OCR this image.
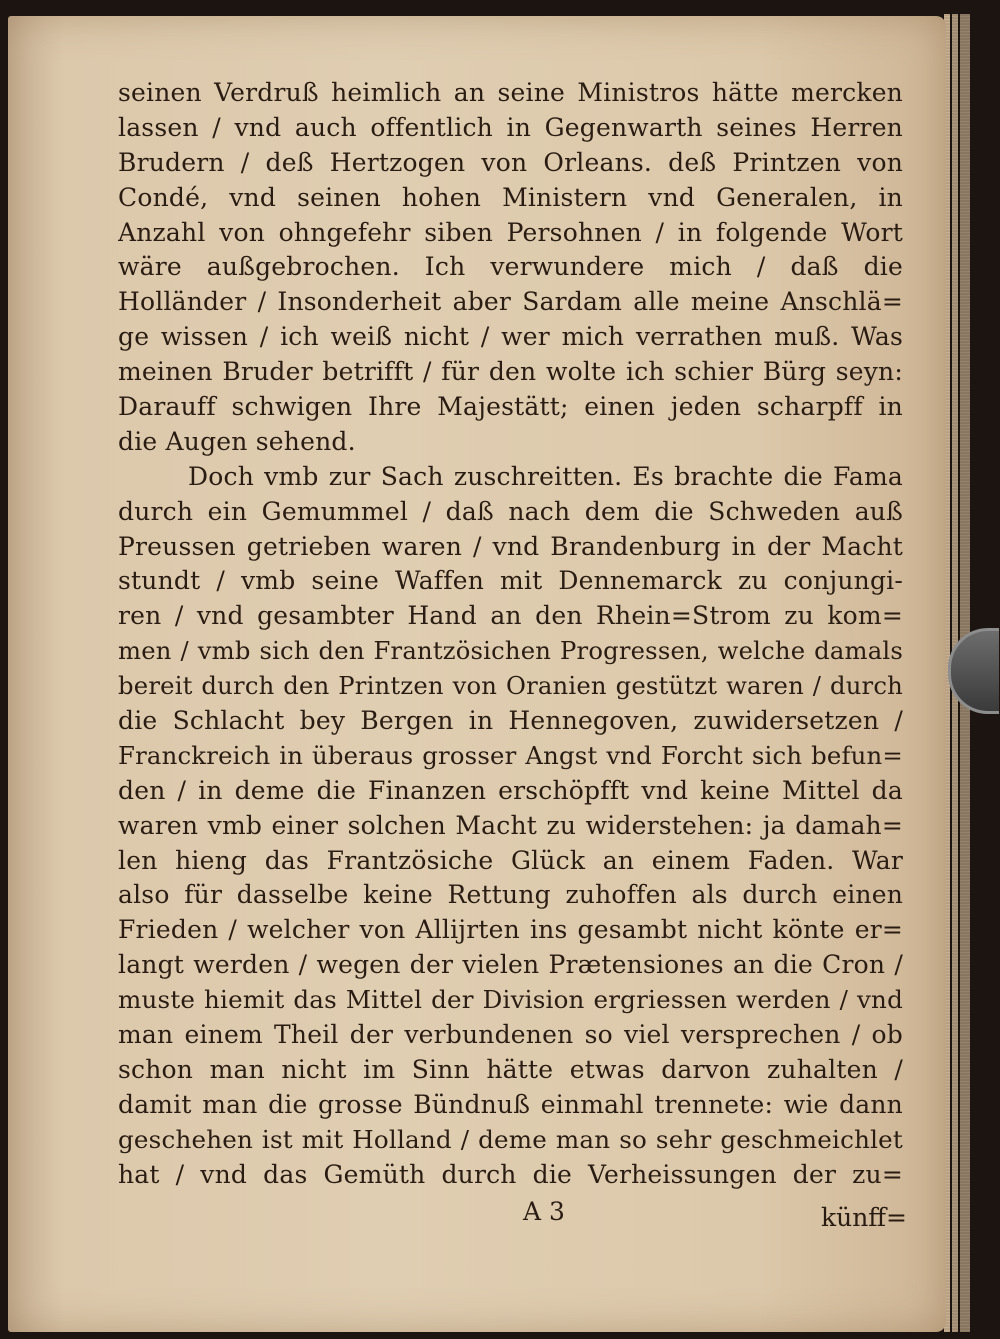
seinen Verdruß heimlich an seine Ministros hätte mercken
lassen / vnd auch offentlich in Gegenwarth seines Herren
Brudern / deß Hertzogen von Orleans. deß Printzen von
Condé, vnd seinen hohen Ministern vnd Generalen, in
Anzahl von ohngefehr siben Persohnen / in folgende Wort
wäre außgebrochen. Ich verwundere mich / daß die
Holländer / Insonderheit aber Sardam alle meine Anschlä=
ge wissen / ich weiß nicht / wer mich verrathen muß. Was
meinen Bruder betrifft / für den wolte ich schier Bürg seyn:
Darauff schwigen Ihre Majestätt; einen jeden scharpff in
die Augen sehend.
Doch vmb zur Sach zuschreitten. Es brachte die Fama
durch ein Gemummel / daß nach dem die Schweden auß
Preussen getrieben waren / vnd Brandenburg in der Macht
stundt / vmb seine Waffen mit Dennemarck zu conjungi-
ren / vnd gesambter Hand an den Rhein=Strom zu kom=
men / vmb sich den Frantzösichen Progressen, welche damals
bereit durch den Printzen von Oranien gestützt waren / durch
die Schlacht bey Bergen in Hennegoven, zuwidersetzen /
Franckreich in überaus grosser Angst vnd Forcht sich befun=
den / in deme die Finanzen erschöpfft vnd keine Mittel da
waren vmb einer solchen Macht zu widerstehen: ja damah=
len hieng das Frantzösiche Glück an einem Faden. War
also für dasselbe keine Rettung zuhoffen als durch einen
Frieden / welcher von Allijrten ins gesambt nicht könte er=
langt werden / wegen der vielen Prætensiones an die Cron /
muste hiemit das Mittel der Division ergriessen werden / vnd
man einem Theil der verbundenen so viel versprechen / ob
schon man nicht im Sinn hätte etwas darvon zuhalten /
damit man die grosse Bündnuß einmahl trennete: wie dann
geschehen ist mit Holland / deme man so sehr geschmeichlet
hat / vnd das Gemüth durch die Verheissungen der zu=
A 3	künff=
